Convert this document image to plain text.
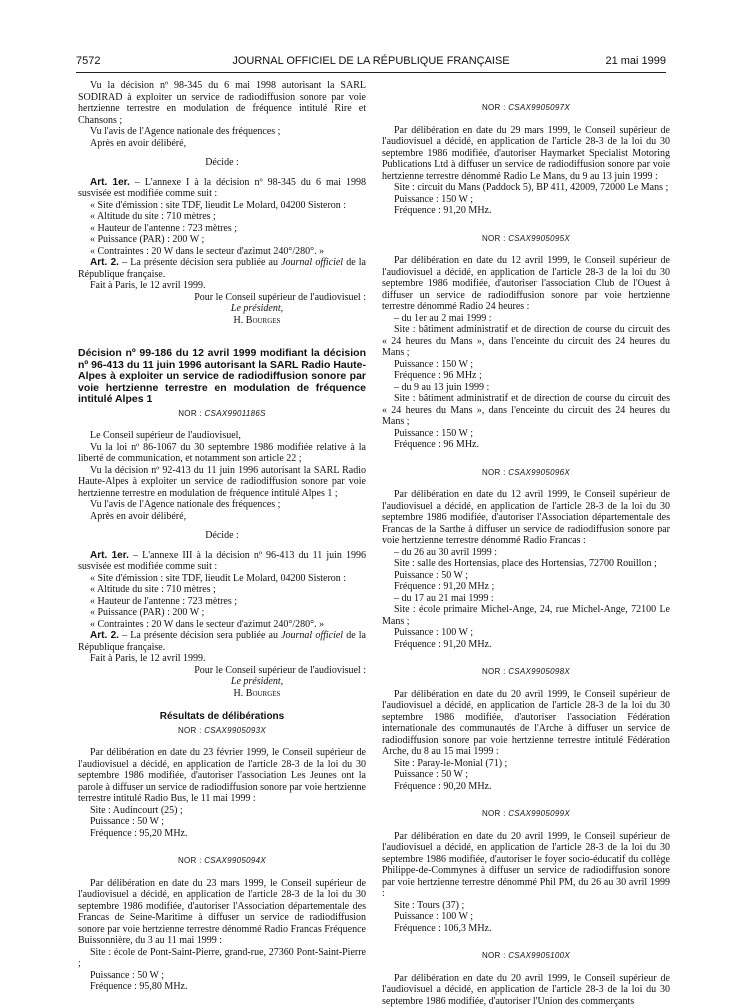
7572	JOURNAL OFFICIEL DE LA RÉPUBLIQUE FRANÇAISE	21 mai 1999

Vu la décision nº 98-345 du 6 mai 1998 autorisant la SARL SODIRAD à exploiter un service de radiodiffusion sonore par voie hertzienne terrestre en modulation de fréquence intitulé Rire et Chansons ;

Vu l'avis de l'Agence nationale des fréquences ;

Après en avoir délibéré,

Décide :

Art. 1er. – L'annexe I à la décision nº 98-345 du 6 mai 1998 susvisée est modifiée comme suit :

« Site d'émission : site TDF, lieudit Le Molard, 04200 Sisteron :

« Altitude du site : 710 mètres ;

« Hauteur de l'antenne : 723 mètres ;

« Puissance (PAR) : 200 W ;

« Contraintes : 20 W dans le secteur d'azimut 240°/280°. »

Art. 2. – La présente décision sera publiée au Journal officiel de la République française.

Fait à Paris, le 12 avril 1999.

Pour le Conseil supérieur de l'audiovisuel :

Le président,

H. Bourges

Décision nº 99-186 du 12 avril 1999 modifiant la décision nº 96-413 du 11 juin 1996 autorisant la SARL Radio Haute-Alpes à exploiter un service de radiodiffusion sonore par voie hertzienne terrestre en modulation de fréquence intitulé Alpes 1

NOR : CSAX9901186S

Le Conseil supérieur de l'audiovisuel,

Vu la loi nº 86-1067 du 30 septembre 1986 modifiée relative à la liberté de communication, et notamment son article 22 ;

Vu la décision nº 92-413 du 11 juin 1996 autorisant la SARL Radio Haute-Alpes à exploiter un service de radiodiffusion sonore par voie hertzienne terrestre en modulation de fréquence intitulé Alpes 1 ;

Vu l'avis de l'Agence nationale des fréquences ;

Après en avoir délibéré,

Décide :

Art. 1er. – L'annexe III à la décision nº 96-413 du 11 juin 1996 susvisée est modifiée comme suit :

« Site d'émission : site TDF, lieudit Le Molard, 04200 Sisteron :

« Altitude du site : 710 mètres ;

« Hauteur de l'antenne : 723 mètres ;

« Puissance (PAR) : 200 W ;

« Contraintes : 20 W dans le secteur d'azimut 240°/280°. »

Art. 2. – La présente décision sera publiée au Journal officiel de la République française.

Fait à Paris, le 12 avril 1999.

Pour le Conseil supérieur de l'audiovisuel :

Le président,

H. Bourges

Résultats de délibérations

NOR : CSAX9905093X

Par délibération en date du 23 février 1999, le Conseil supérieur de l'audiovisuel a décidé, en application de l'article 28-3 de la loi du 30 septembre 1986 modifiée, d'autoriser l'association Les Jeunes ont la parole à diffuser un service de radiodiffusion sonore par voie hertzienne terrestre intitulé Radio Bus, le 11 mai 1999 :

Site : Audincourt (25) ;

Puissance : 50 W ;

Fréquence : 95,20 MHz.

NOR : CSAX9905094X

Par délibération en date du 23 mars 1999, le Conseil supérieur de l'audiovisuel a décidé, en application de l'article 28-3 de la loi du 30 septembre 1986 modifiée, d'autoriser l'Association départementale des Francas de Seine-Maritime à diffuser un service de radiodiffusion sonore par voie hertzienne terrestre dénommé Radio Francas Fréquence Buissonnière, du 3 au 11 mai 1999 :

Site : école de Pont-Saint-Pierre, grand-rue, 27360 Pont-Saint-Pierre ;

Puissance : 50 W ;

Fréquence : 95,80 MHz.

NOR : CSAX9905097X

Par délibération en date du 29 mars 1999, le Conseil supérieur de l'audiovisuel a décidé, en application de l'article 28-3 de la loi du 30 septembre 1986 modifiée, d'autoriser Haymarket Specialist Motoring Publications Ltd à diffuser un service de radiodiffusion sonore par voie hertzienne terrestre dénommé Radio Le Mans, du 9 au 13 juin 1999 :

Site : circuit du Mans (Paddock 5), BP 411, 42009, 72000 Le Mans ;

Puissance : 150 W ;

Fréquence : 91,20 MHz.

NOR : CSAX9905095X

Par délibération en date du 12 avril 1999, le Conseil supérieur de l'audiovisuel a décidé, en application de l'article 28-3 de la loi du 30 septembre 1986 modifiée, d'autoriser l'association Club de l'Ouest à diffuser un service de radiodiffusion sonore par voie hertzienne terrestre dénommé Radio 24 heures :

– du 1er au 2 mai 1999 :

Site : bâtiment administratif et de direction de course du circuit des « 24 heures du Mans », dans l'enceinte du circuit des 24 heures du Mans ;

Puissance : 150 W ;

Fréquence : 96 MHz ;

– du 9 au 13 juin 1999 :

Site : bâtiment administratif et de direction de course du circuit des « 24 heures du Mans », dans l'enceinte du circuit des 24 heures du Mans ;

Puissance : 150 W ;

Fréquence : 96 MHz.

NOR : CSAX9905096X

Par délibération en date du 12 avril 1999, le Conseil supérieur de l'audiovisuel a décidé, en application de l'article 28-3 de la loi du 30 septembre 1986 modifiée, d'autoriser l'Association départementale des Francas de la Sarthe à diffuser un service de radiodiffusion sonore par voie hertzienne terrestre dénommé Radio Francas :

– du 26 au 30 avril 1999 :

Site : salle des Hortensias, place des Hortensias, 72700 Rouillon ;

Puissance : 50 W ;

Fréquence : 91,20 MHz ;

– du 17 au 21 mai 1999 :

Site : école primaire Michel-Ange, 24, rue Michel-Ange, 72100 Le Mans ;

Puissance : 100 W ;

Fréquence : 91,20 MHz.

NOR : CSAX9905098X

Par délibération en date du 20 avril 1999, le Conseil supérieur de l'audiovisuel a décidé, en application de l'article 28-3 de la loi du 30 septembre 1986 modifiée, d'autoriser l'association Fédération internationale des communautés de l'Arche à diffuser un service de radiodiffusion sonore par voie hertzienne terrestre intitulé Fédération Arche, du 8 au 15 mai 1999 :

Site : Paray-le-Monial (71) ;

Puissance : 50 W ;

Fréquence : 90,20 MHz.

NOR : CSAX9905099X

Par délibération en date du 20 avril 1999, le Conseil supérieur de l'audiovisuel a décidé, en application de l'article 28-3 de la loi du 30 septembre 1986 modifiée, d'autoriser le foyer socio-éducatif du collège Philippe-de-Commynes à diffuser un service de radiodiffusion sonore par voie hertzienne terrestre dénommé Phil PM, du 26 au 30 avril 1999 :

Site : Tours (37) ;

Puissance : 100 W ;

Fréquence : 106,3 MHz.

NOR : CSAX9905100X

Par délibération en date du 20 avril 1999, le Conseil supérieur de l'audiovisuel a décidé, en application de l'article 28-3 de la loi du 30 septembre 1986 modifiée, d'autoriser l'Union des commerçants
